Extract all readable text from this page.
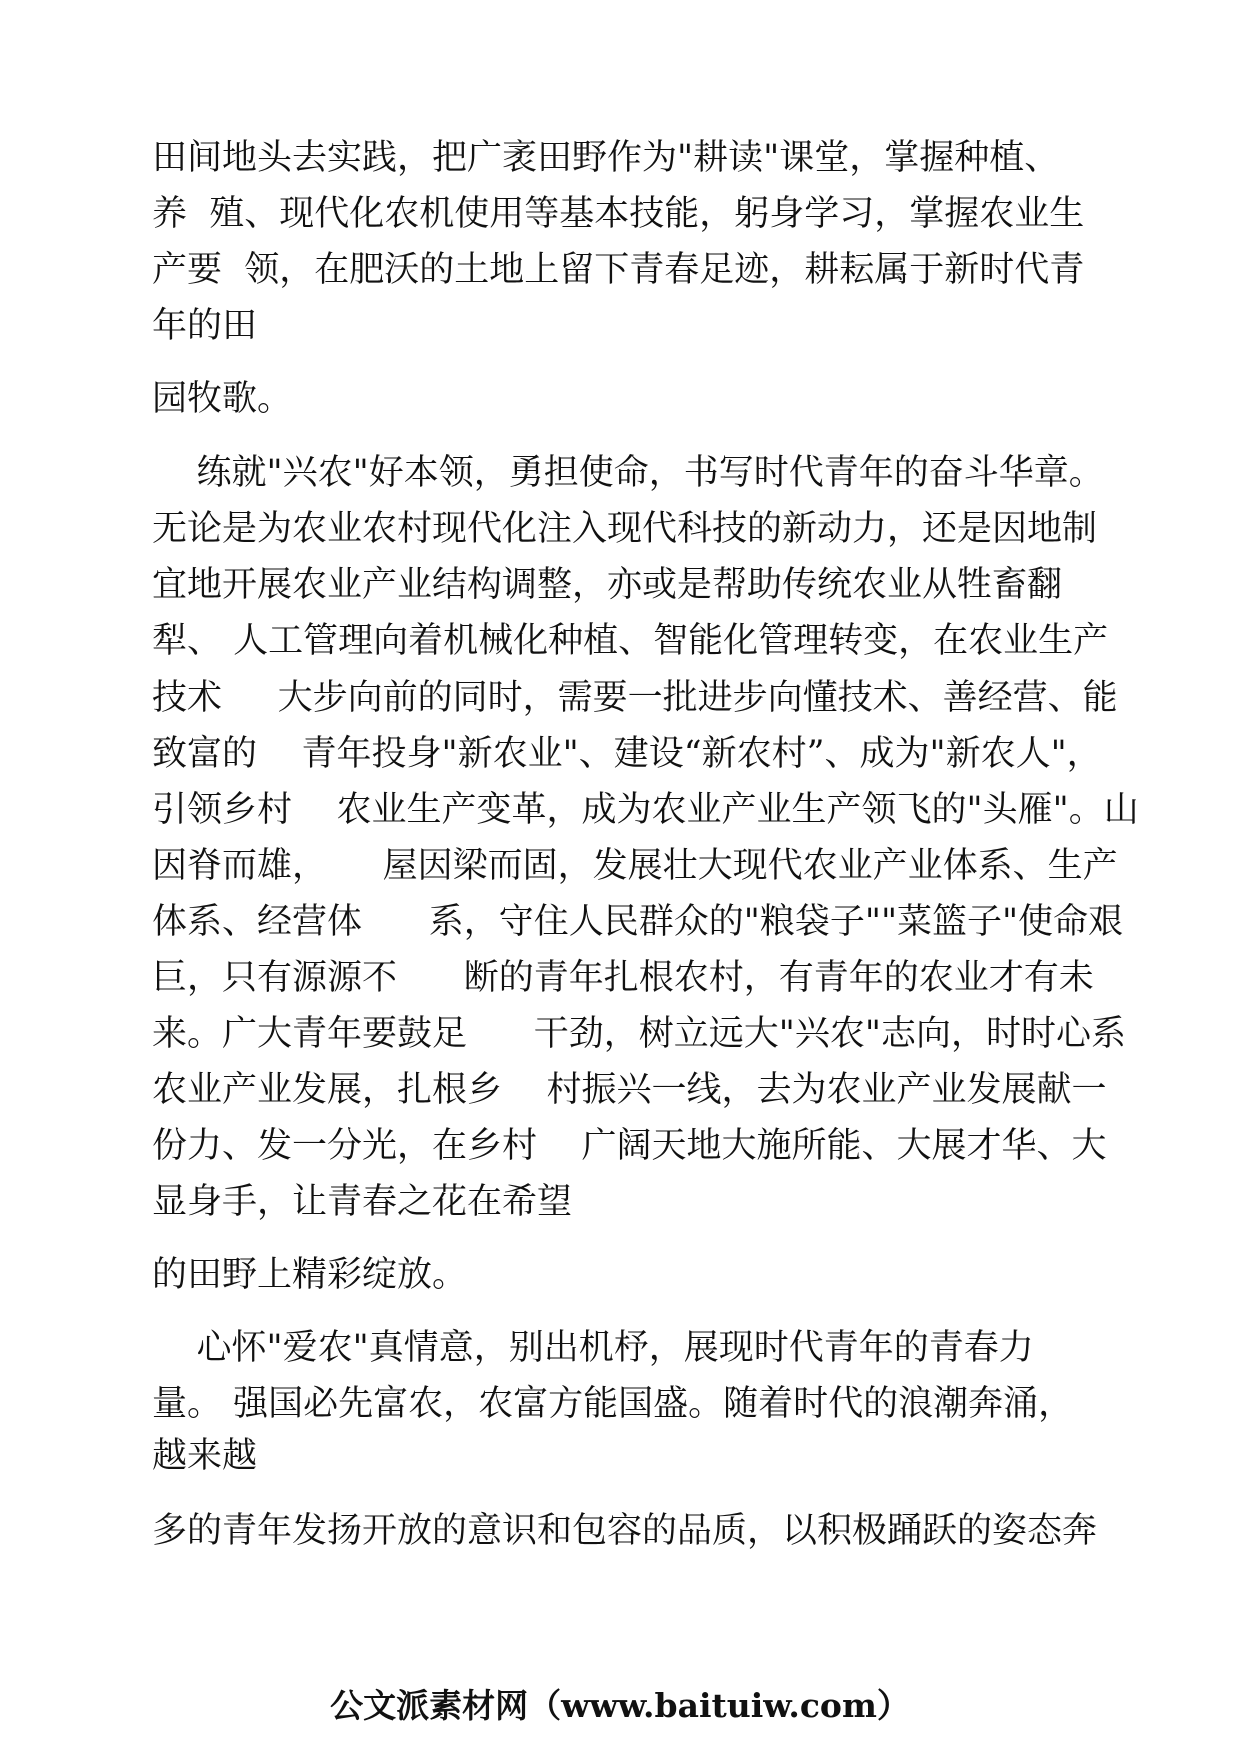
田间地头去实践，把广袤田野作为"耕读"课堂，掌握种植、
养  殖、现代化农机使用等基本技能，躬身学习，掌握农业生
产要  领，在肥沃的土地上留下青春足迹，耕耘属于新时代青
年的田
园牧歌。
练就"兴农"好本领，勇担使命，书写时代青年的奋斗华章。
无论是为农业农村现代化注入现代科技的新动力，还是因地制
宜地开展农业产业结构调整，亦或是帮助传统农业从牲畜翻
犁、 人工管理向着机械化种植、智能化管理转变，在农业生产
技术     大步向前的同时，需要一批进步向懂技术、善经营、能
致富的    青年投身"新农业"、建设“新农村”、成为"新农人"，
引领乡村    农业生产变革，成为农业产业生产领飞的"头雁"。山
因脊而雄，     屋因梁而固，发展壮大现代农业产业体系、生产
体系、经营体      系，守住人民群众的"粮袋子""菜篮子"使命艰
巨，只有源源不      断的青年扎根农村，有青年的农业才有未
来。广大青年要鼓足      干劲，树立远大"兴农"志向，时时心系
农业产业发展，扎根乡    村振兴一线，去为农业产业发展献一
份力、发一分光，在乡村    广阔天地大施所能、大展才华、大
显身手，让青春之花在希望
的田野上精彩绽放。
心怀"爱农"真情意，别出机杼，展现时代青年的青春力
量。 强国必先富农，农富方能国盛。随着时代的浪潮奔涌，
越来越
多的青年发扬开放的意识和包容的品质，以积极踊跃的姿态奔
公文派素材网（www.baituiw.com）
